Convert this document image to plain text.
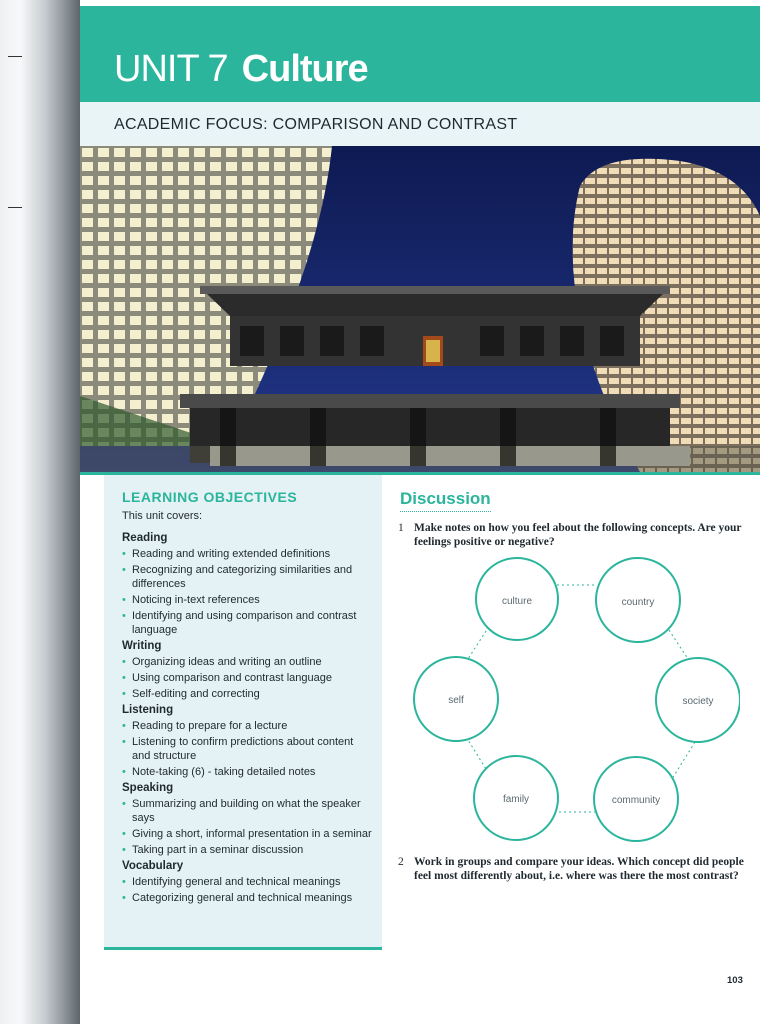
UNIT 7 Culture
ACADEMIC FOCUS: COMPARISON AND CONTRAST
LEARNING OBJECTIVES
This unit covers:
Reading
• Reading and writing extended definitions
• Recognizing and categorizing similarities and differences
• Noticing in-text references
• Identifying and using comparison and contrast language
Writing
• Organizing ideas and writing an outline
• Using comparison and contrast language
• Self-editing and correcting
Listening
• Reading to prepare for a lecture
• Listening to confirm predictions about content and structure
• Note-taking (6) - taking detailed notes
Speaking
• Summarizing and building on what the speaker says
• Giving a short, informal presentation in a seminar
• Taking part in a seminar discussion
Vocabulary
• Identifying general and technical meanings
• Categorizing general and technical meanings
Discussion
1 Make notes on how you feel about the following concepts. Are your feelings positive or negative?
culture	country
society
community
family
self
2 Work in groups and compare your ideas. Which concept did people feel most differently about, i.e. where was there the most contrast?
103
